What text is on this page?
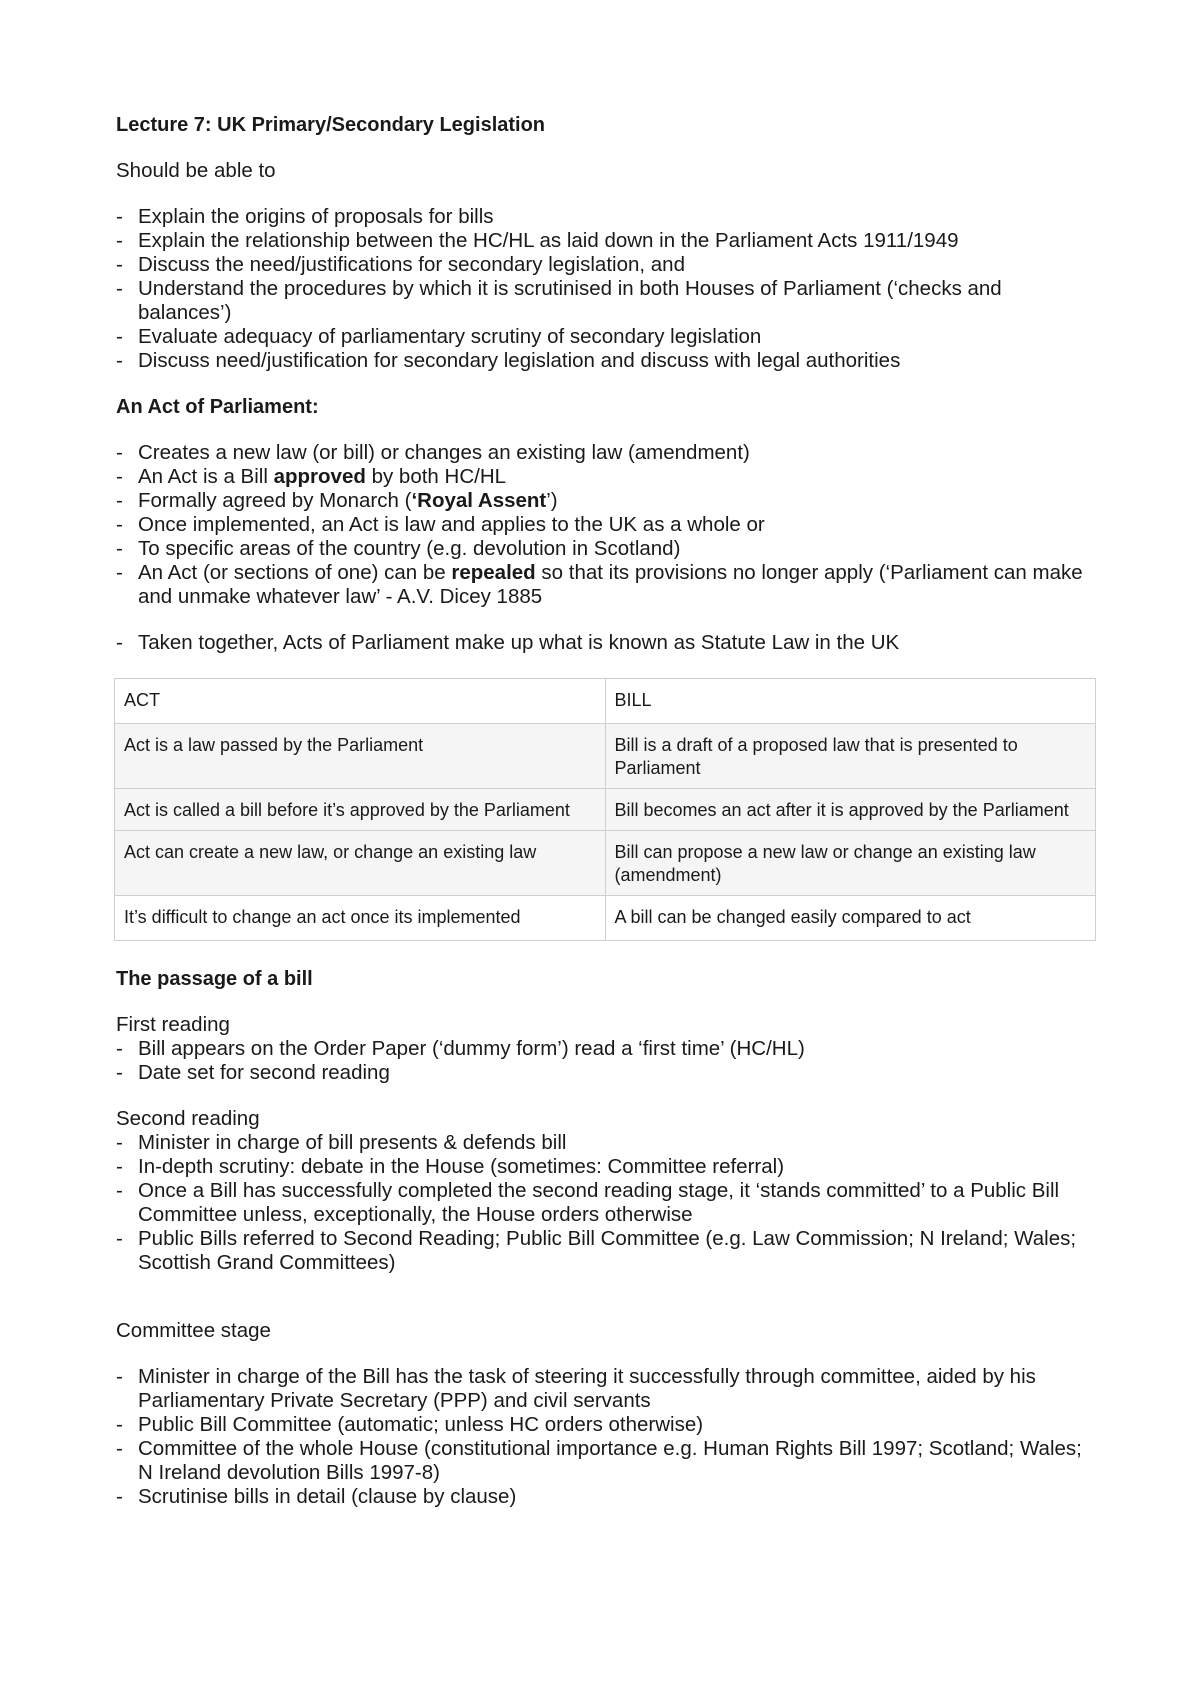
Lecture 7: UK Primary/Secondary Legislation

Should be able to

- Explain the origins of proposals for bills
- Explain the relationship between the HC/HL as laid down in the Parliament Acts 1911/1949
- Discuss the need/justifications for secondary legislation, and
- Understand the procedures by which it is scrutinised in both Houses of Parliament (‘checks and balances’)
- Evaluate adequacy of parliamentary scrutiny of secondary legislation
- Discuss need/justification for secondary legislation and discuss with legal authorities

An Act of Parliament:

- Creates a new law (or bill) or changes an existing law (amendment)
- An Act is a Bill approved by both HC/HL
- Formally agreed by Monarch (‘Royal Assent’)
- Once implemented, an Act is law and applies to the UK as a whole or
- To specific areas of the country (e.g. devolution in Scotland)
- An Act (or sections of one) can be repealed so that its provisions no longer apply (‘Parliament can make and unmake whatever law’ - A.V. Dicey 1885
- Taken together, Acts of Parliament make up what is known as Statute Law in the UK
ACT	BILL
Act is a law passed by the Parliament	Bill is a draft of a proposed law that is presented to Parliament
Act is called a bill before it’s approved by the Parliament	Bill becomes an act after it is approved by the Parliament
Act can create a new law, or change an existing law	Bill can propose a new law or change an existing law (amendment)
It’s difficult to change an act once its implemented	A bill can be changed easily compared to act

The passage of a bill

First reading

- Bill appears on the Order Paper (‘dummy form’) read a ‘first time’ (HC/HL)
- Date set for second reading

Second reading

- Minister in charge of bill presents & defends bill
- In-depth scrutiny: debate in the House (sometimes: Committee referral)
- Once a Bill has successfully completed the second reading stage, it ‘stands committed’ to a Public Bill Committee unless, exceptionally, the House orders otherwise
- Public Bills referred to Second Reading; Public Bill Committee (e.g. Law Commission; N Ireland; Wales; Scottish Grand Committees)

Committee stage

- Minister in charge of the Bill has the task of steering it successfully through committee, aided by his Parliamentary Private Secretary (PPP) and civil servants
- Public Bill Committee (automatic; unless HC orders otherwise)
- Committee of the whole House (constitutional importance e.g. Human Rights Bill 1997; Scotland; Wales; N Ireland devolution Bills 1997-8)
- Scrutinise bills in detail (clause by clause)
